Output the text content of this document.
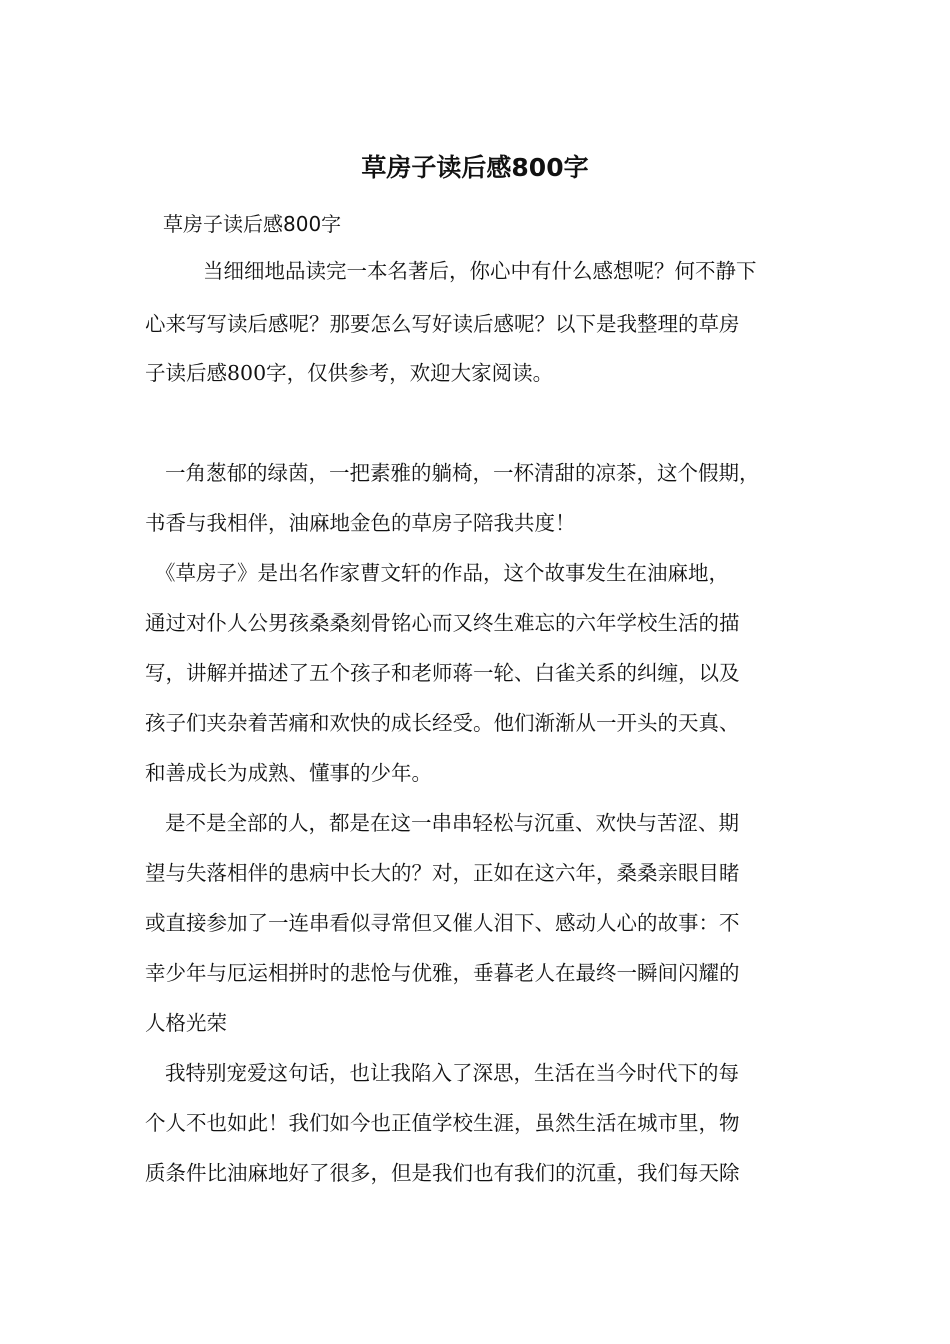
草房子读后感800字
草房子读后感800字
当细细地品读完一本名著后，你心中有什么感想呢？何不静下
心来写写读后感呢？那要怎么写好读后感呢？以下是我整理的草房
子读后感800字，仅供参考，欢迎大家阅读。
一角葱郁的绿茵，一把素雅的躺椅，一杯清甜的凉茶，这个假期，
书香与我相伴，油麻地金色的草房子陪我共度！
《草房子》是出名作家曹文轩的作品，这个故事发生在油麻地，
通过对仆人公男孩桑桑刻骨铭心而又终生难忘的六年学校生活的描
写，讲解并描述了五个孩子和老师蒋一轮、白雀关系的纠缠，以及
孩子们夹杂着苦痛和欢快的成长经受。他们渐渐从一开头的天真、
和善成长为成熟、懂事的少年。
是不是全部的人，都是在这一串串轻松与沉重、欢快与苦涩、期
望与失落相伴的患病中长大的？对，正如在这六年，桑桑亲眼目睹
或直接参加了一连串看似寻常但又催人泪下、感动人心的故事：不
幸少年与厄运相拼时的悲怆与优雅，垂暮老人在最终一瞬间闪耀的
人格光荣
我特别宠爱这句话，也让我陷入了深思，生活在当今时代下的每
个人不也如此！我们如今也正值学校生涯，虽然生活在城市里，物
质条件比油麻地好了很多，但是我们也有我们的沉重，我们每天除
